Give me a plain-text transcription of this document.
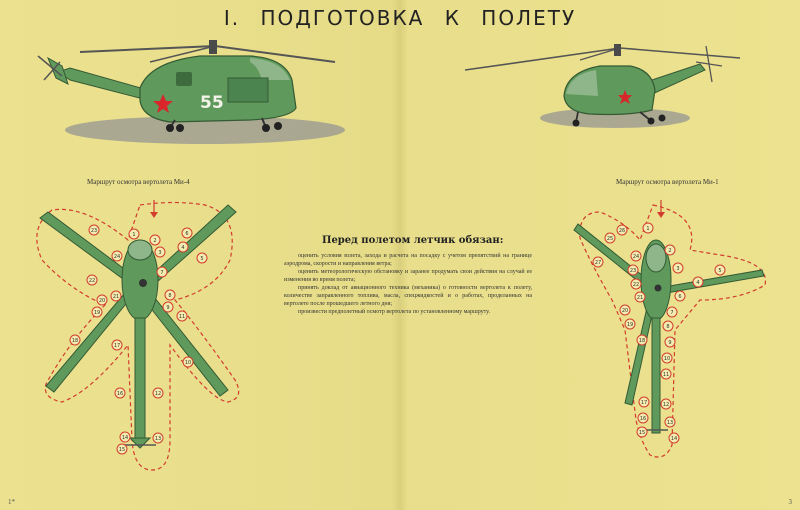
I. ПОДГОТОВКА К ПОЛЕТУ
55
1
2
3
4
5
6
7
8
9
10
11
12
13
14
15
16
17
18
19
20
21
22
23
24
1
2
3
4
5
6
7
8
9
10
11
12
13
14
15
16
17
18
19
20
21
22
23
24
25
26
27
Маршрут осмотра вертолета Ми-4	Маршрут осмотра вертолета Ми-1
Перед полетом летчик обязан:

оценить условия взлета, захода и расчета на посадку с учетом препятствий на границе аэродрома, скорости и направления ветра;

оценить метеорологическую обстановку и заранее продумать свои действия на случай ее изменения во время полета;

принять доклад от авиационного техника (механика) о готовности вертолета к полету, количестве заправленного топлива, масла, спецжидкостей и о работах, проделанных на вертолете после прошедшего летного дня;

произвести предполетный осмотр вертолета по установленному маршруту.

1*	3
